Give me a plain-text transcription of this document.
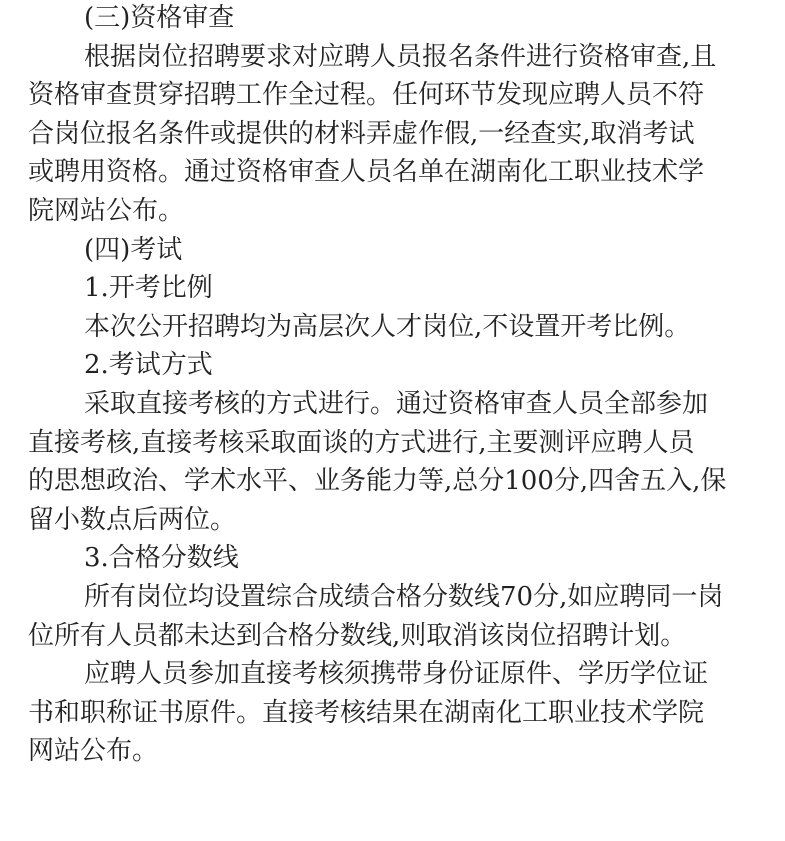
(三)资格审查
根据岗位招聘要求对应聘人员报名条件进行资格审查,且
资格审查贯穿招聘工作全过程。任何环节发现应聘人员不符
合岗位报名条件或提供的材料弄虚作假,一经查实,取消考试
或聘用资格。通过资格审查人员名单在湖南化工职业技术学
院网站公布。
(四)考试
1.开考比例
本次公开招聘均为高层次人才岗位,不设置开考比例。
2.考试方式
采取直接考核的方式进行。通过资格审查人员全部参加
直接考核,直接考核采取面谈的方式进行,主要测评应聘人员
的思想政治、学术水平、业务能力等,总分100分,四舍五入,保
留小数点后两位。
3.合格分数线
所有岗位均设置综合成绩合格分数线70分,如应聘同一岗
位所有人员都未达到合格分数线,则取消该岗位招聘计划。
应聘人员参加直接考核须携带身份证原件、学历学位证
书和职称证书原件。直接考核结果在湖南化工职业技术学院
网站公布。
